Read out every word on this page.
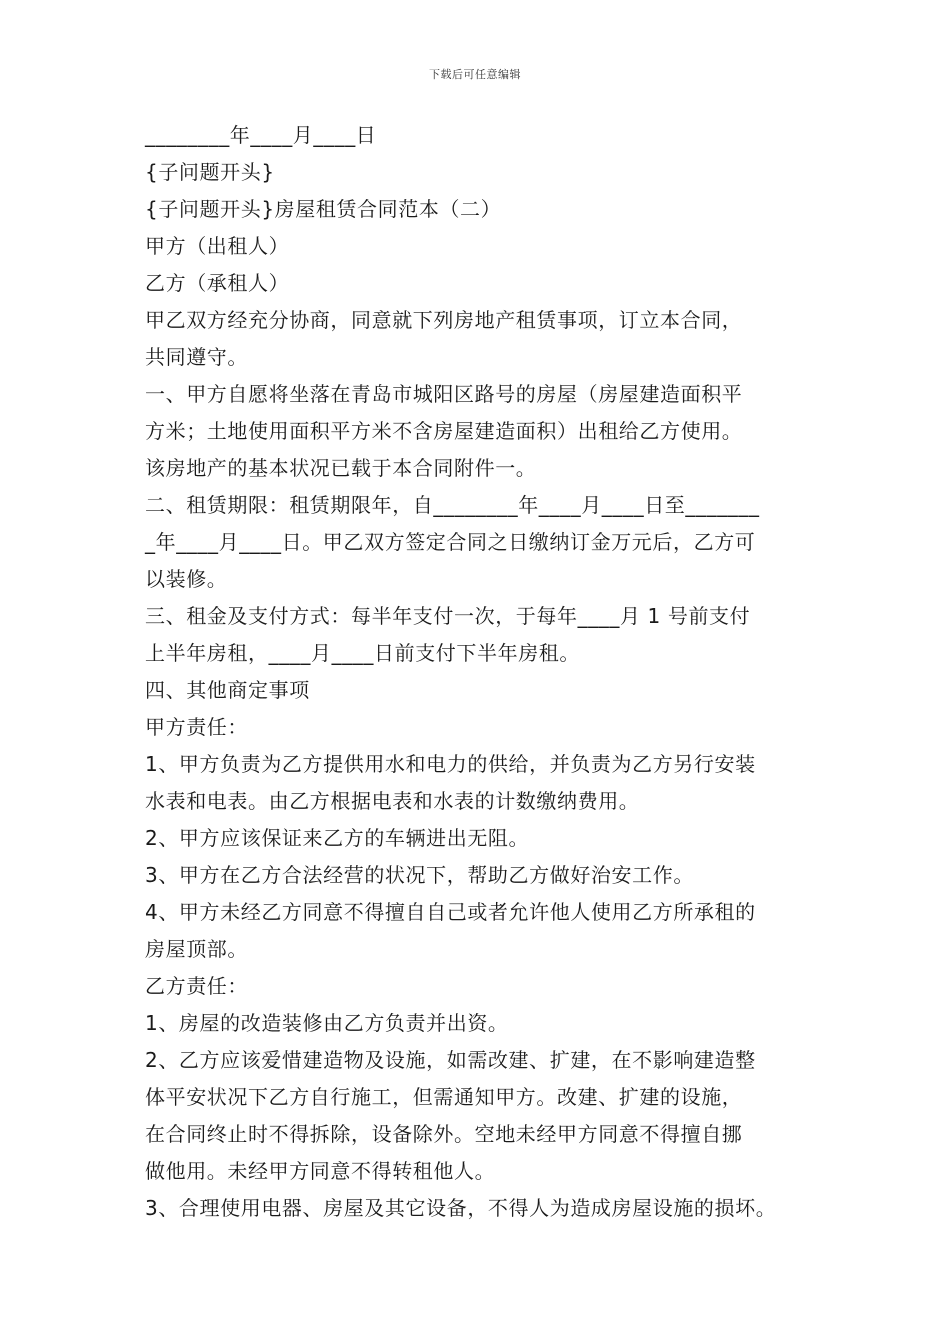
下载后可任意编辑
________年____月____日
{子问题开头}
{子问题开头}房屋租赁合同范本（二）
甲方（出租人）
乙方（承租人）
甲乙双方经充分协商，同意就下列房地产租赁事项，订立本合同，
共同遵守。
一、甲方自愿将坐落在青岛市城阳区路号的房屋（房屋建造面积平
方米；土地使用面积平方米不含房屋建造面积）出租给乙方使用。
该房地产的基本状况已载于本合同附件一。
二、租赁期限：租赁期限年，自________年____月____日至_______
_年____月____日。甲乙双方签定合同之日缴纳订金万元后，乙方可
以装修。
三、租金及支付方式：每半年支付一次，于每年____月 1 号前支付
上半年房租，____月____日前支付下半年房租。
四、其他商定事项
甲方责任：
1、甲方负责为乙方提供用水和电力的供给，并负责为乙方另行安装
水表和电表。由乙方根据电表和水表的计数缴纳费用。
2、甲方应该保证来乙方的车辆进出无阻。
3、甲方在乙方合法经营的状况下，帮助乙方做好治安工作。
4、甲方未经乙方同意不得擅自自己或者允许他人使用乙方所承租的
房屋顶部。
乙方责任：
1、房屋的改造装修由乙方负责并出资。
2、乙方应该爱惜建造物及设施，如需改建、扩建，在不影响建造整
体平安状况下乙方自行施工，但需通知甲方。改建、扩建的设施，
在合同终止时不得拆除，设备除外。空地未经甲方同意不得擅自挪
做他用。未经甲方同意不得转租他人。
3、合理使用电器、房屋及其它设备，不得人为造成房屋设施的损坏。
